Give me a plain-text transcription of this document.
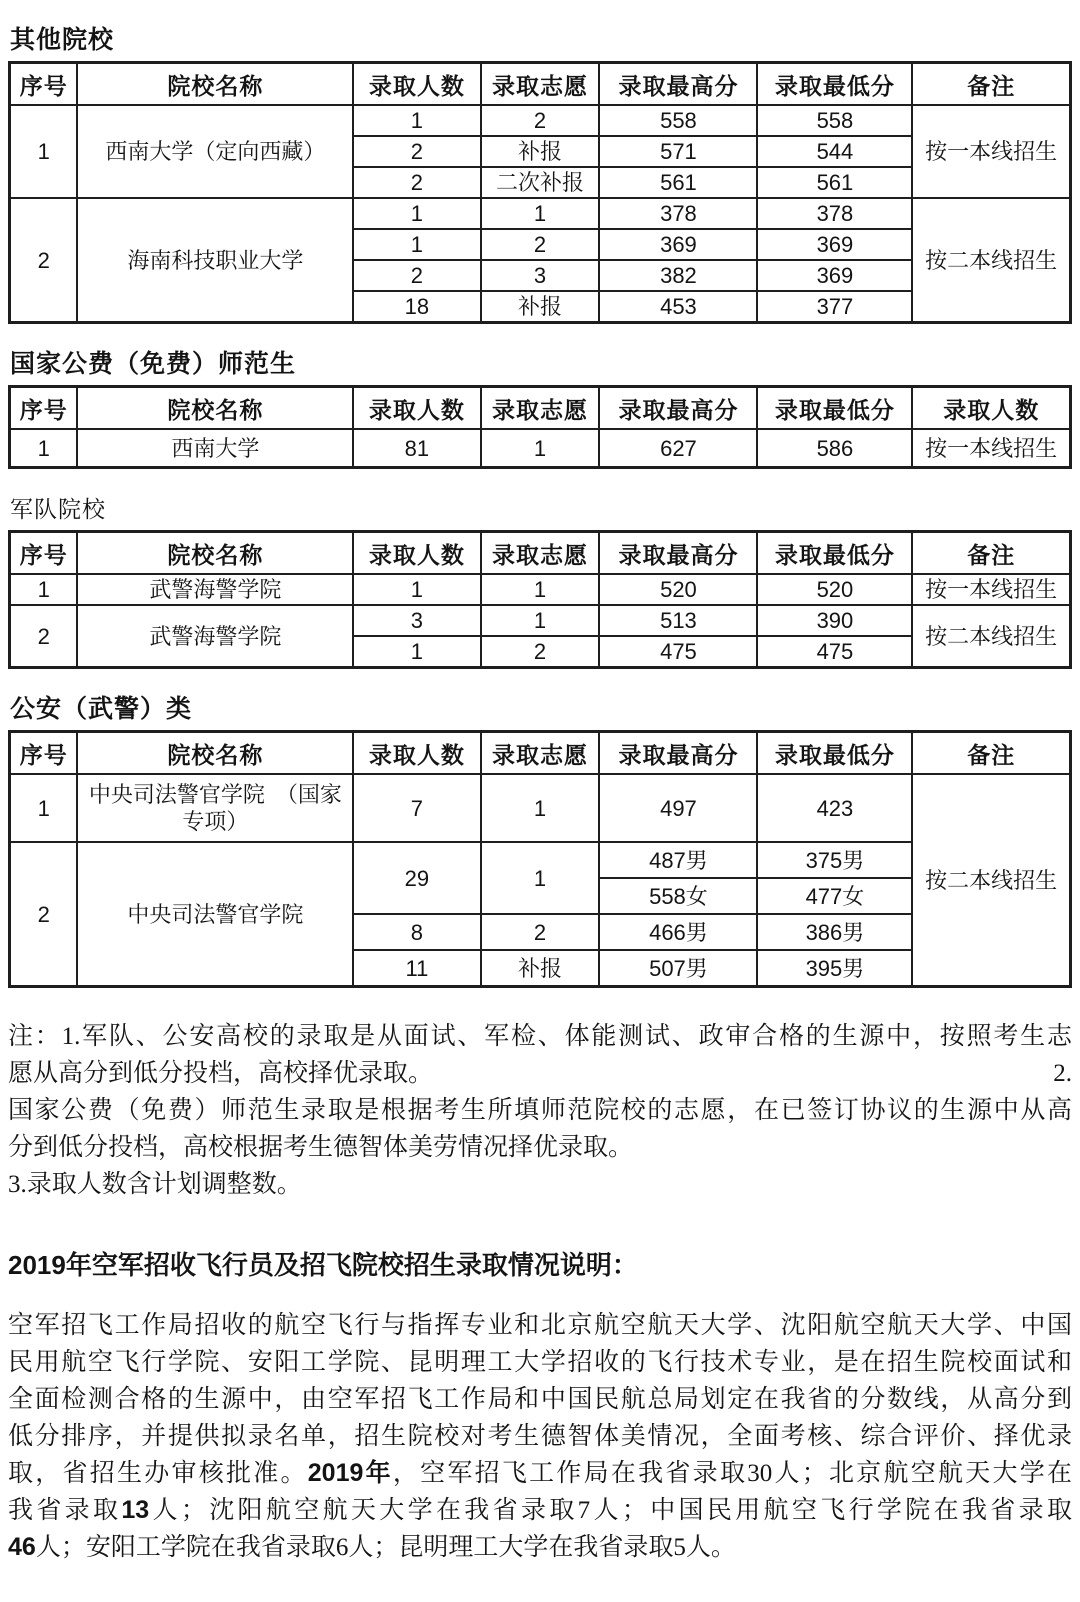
其他院校
序号	院校名称	录取人数	录取志愿	录取最高分	录取最低分	备注
1	西南大学（定向西藏）	1	2	558	558	按一本线招生
		2	补报	571	544	
		2	二次补报	561	561	
2	海南科技职业大学	1	1	378	378	按二本线招生
		1	2	369	369	
		2	3	382	369	
		18	补报	453	377	
国家公费（免费）师范生
序号	院校名称	录取人数	录取志愿	录取最高分	录取最低分	录取人数
1	西南大学	81	1	627	586	按一本线招生
军队院校
序号	院校名称	录取人数	录取志愿	录取最高分	录取最低分	备注
1	武警海警学院	1	1	520	520	按一本线招生
2	武警海警学院	3	1	513	390	按二本线招生
		1	2	475	475	
公安（武警）类
序号	院校名称	录取人数	录取志愿	录取最高分	录取最低分	备注
1	中央司法警官学院　（国家专项）	7	1	497	423	按二本线招生
2	中央司法警官学院	29	1	487男	375男	
				558女	477女	
		8	2	466男	386男	
		11	补报	507男	395男	
注：1.军队、公安高校的录取是从面试、军检、体能测试、政审合格的生源中，按照考生志
愿从高分到低分投档，高校择优录取。	2.
国家公费（免费）师范生录取是根据考生所填师范院校的志愿，在已签订协议的生源中从高
分到低分投档，高校根据考生德智体美劳情况择优录取。
3.录取人数含计划调整数。
2019年空军招收飞行员及招飞院校招生录取情况说明：
空军招飞工作局招收的航空飞行与指挥专业和北京航空航天大学、沈阳航空航天大学、中国
民用航空飞行学院、安阳工学院、昆明理工大学招收的飞行技术专业，是在招生院校面试和
全面检测合格的生源中，由空军招飞工作局和中国民航总局划定在我省的分数线，从高分到
低分排序，并提供拟录名单，招生院校对考生德智体美情况，全面考核、综合评价、择优录
取，省招生办审核批准。2019年，空军招飞工作局在我省录取30人；北京航空航天大学在
我省录取13人；沈阳航空航天大学在我省录取7人；中国民用航空飞行学院在我省录取
46人；安阳工学院在我省录取6人；昆明理工大学在我省录取5人。
